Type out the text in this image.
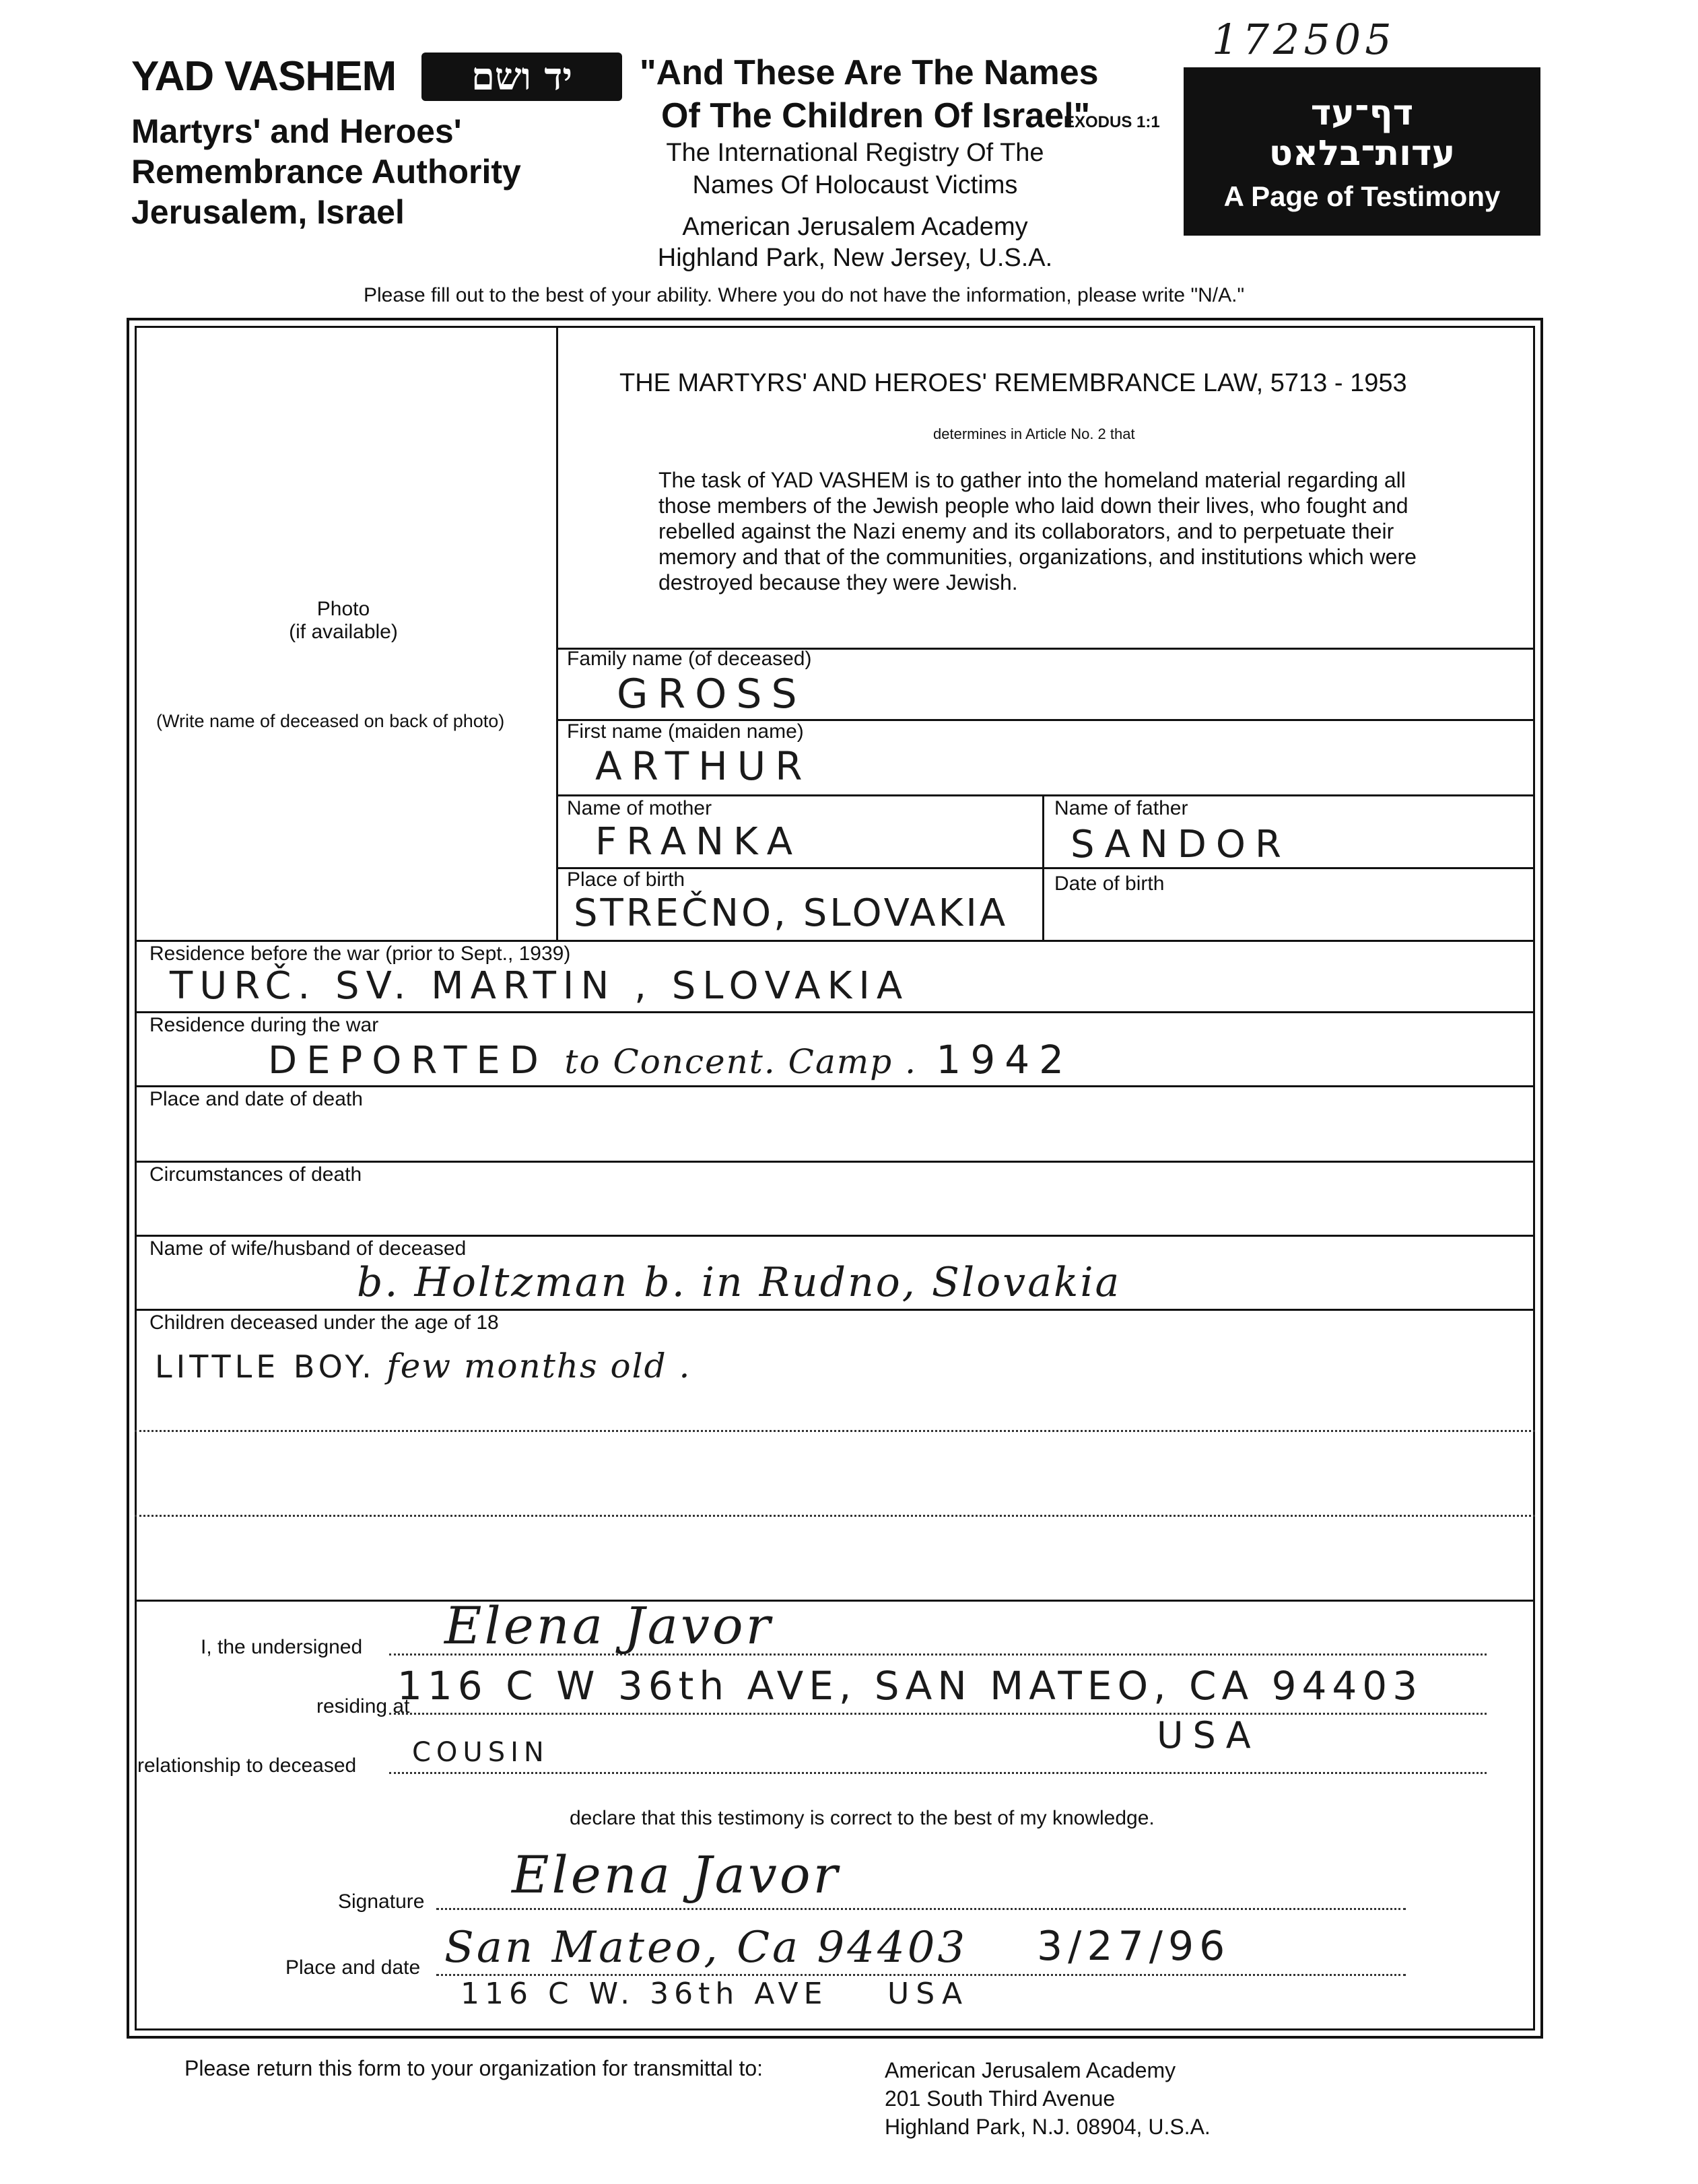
172505
YAD VASHEM	יד ושם
Martyrs' and Heroes'
Remembrance Authority
Jerusalem, Israel
"And These Are The Names
Of The Children Of Israel"
EXODUS 1:1
The International Registry Of The
Names Of Holocaust Victims
American Jerusalem Academy
Highland Park, New Jersey, U.S.A.
דף־עד
עדות־בלאט
A Page of Testimony
Please fill out to the best of your ability. Where you do not have the information, please write "N/A."
THE MARTYRS' AND HEROES' REMEMBRANCE LAW, 5713 - 1953
determines in Article No. 2 that
The task of YAD VASHEM is to gather into the homeland material regarding all those members of the Jewish people who laid down their lives, who fought and rebelled against the Nazi enemy and its collaborators, and to perpetuate their memory and that of the communities, organizations, and institutions which were destroyed because they were Jewish.
Photo
(if available)
(Write name of deceased on back of photo)
Family name (of deceased)
GROSS
First name (maiden name)
ARTHUR
Name of mother
FRANKA
Name of father
SANDOR
Place of birth
STREČNO, SLOVAKIA
Date of birth
Residence before the war (prior to Sept., 1939)
TURČ. SV. MARTIN , SLOVAKIA
Residence during the war
DEPORTED to Concent. Camp . 1942
Place and date of death
Circumstances of death
Name of wife/husband of deceased
b. Holtzman b. in Rudno, Slovakia
Children deceased under the age of 18
LITTLE BOY. few months old .
I, the undersigned Elena Javor
residing at
116 C W 36th AVE, SAN MATEO, CA 94403
USA
relationship to deceased COUSIN
declare that this testimony is correct to the best of my knowledge.
Signature Elena Javor
Place and date San Mateo, Ca 94403 3/27/96
116 C W. 36th AVE USA
Please return this form to your organization for transmittal to:	American Jerusalem Academy
201 South Third Avenue
Highland Park, N.J. 08904, U.S.A.
